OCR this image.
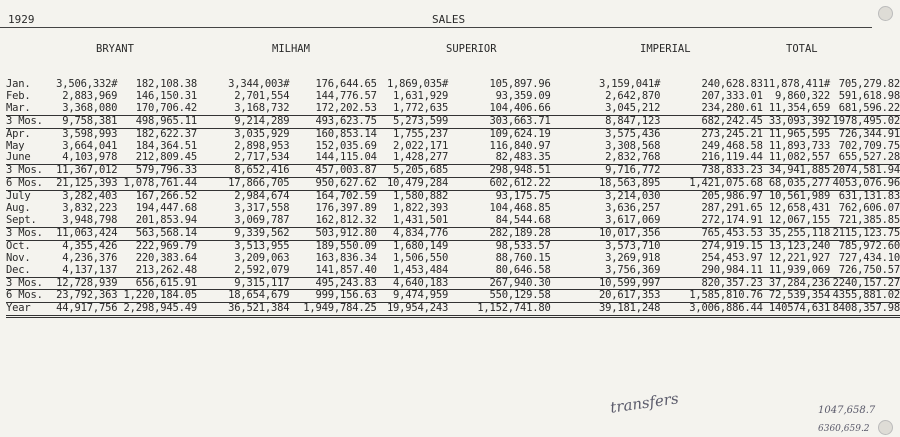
1929	SALES
BRYANT	MILHAM	SUPERIOR	IMPERIAL	TOTAL
Jan.	3,506,332#	182,108.38	3,344,003#	176,644.65	1,869,035#	105,897.96	3,159,041#	240,628.83	11,878,411#	705,279.82
Feb.	2,883,969	146,150.31	2,701,554	144,776.57	1,631,929	93,359.09	2,642,870	207,333.01	9,860,322	591,618.98
Mar.	3,368,080	170,706.42	3,168,732	172,202.53	1,772,635	104,406.66	3,045,212	234,280.61	11,354,659	681,596.22
3 Mos.	9,758,381	498,965.11	9,214,289	493,623.75	5,273,599	303,663.71	8,847,123	682,242.45	33,093,392	1978,495.02
Apr.	3,598,993	182,622.37	3,035,929	160,853.14	1,755,237	109,624.19	3,575,436	273,245.21	11,965,595	726,344.91
May	3,664,041	184,364.51	2,898,953	152,035.69	2,022,171	116,840.97	3,308,568	249,468.58	11,893,733	702,709.75
June	4,103,978	212,809.45	2,717,534	144,115.04	1,428,277	82,483.35	2,832,768	216,119.44	11,082,557	655,527.28
3 Mos.	11,367,012	579,796.33	8,652,416	457,003.87	5,205,685	298,948.51	9,716,772	738,833.23	34,941,885	2074,581.94
6 Mos.	21,125,393	1,078,761.44	17,866,705	950,627.62	10,479,284	602,612.22	18,563,895	1,421,075.68	68,035,277	4053,076.96
July	3,282,403	167,266.52	2,984,674	164,702.59	1,580,882	93,175.75	3,214,030	205,986.97	10,561,989	631,131.83
Aug.	3,832,223	194,447.68	3,317,558	176,397.89	1,822,393	104,468.85	3,636,257	287,291.65	12,658,431	762,606.07
Sept.	3,948,798	201,853.94	3,069,787	162,812.32	1,431,501	84,544.68	3,617,069	272,174.91	12,067,155	721,385.85
3 Mos.	11,063,424	563,568.14	9,339,562	503,912.80	4,834,776	282,189.28	10,017,356	765,453.53	35,255,118	2115,123.75
Oct.	4,355,426	222,969.79	3,513,955	189,550.09	1,680,149	98,533.57	3,573,710	274,919.15	13,123,240	785,972.60
Nov.	4,236,376	220,383.64	3,209,063	163,836.34	1,506,550	88,760.15	3,269,918	254,453.97	12,221,927	727,434.10
Dec.	4,137,137	213,262.48	2,592,079	141,857.40	1,453,484	80,646.58	3,756,369	290,984.11	11,939,069	726,750.57
3 Mos.	12,728,939	656,615.91	9,315,117	495,243.83	4,640,183	267,940.30	10,599,997	820,357.23	37,284,236	2240,157.27
6 Mos.	23,792,363	1,220,184.05	18,654,679	999,156.63	9,474,959	550,129.58	20,617,353	1,585,810.76	72,539,354	4355,881.02
Year	44,917,756	2,298,945.49	36,521,384	1,949,784.25	19,954,243	1,152,741.80	39,181,248	3,006,886.44	140574,631	8408,357.98
transfers	1047,658.7
6360,659.2
